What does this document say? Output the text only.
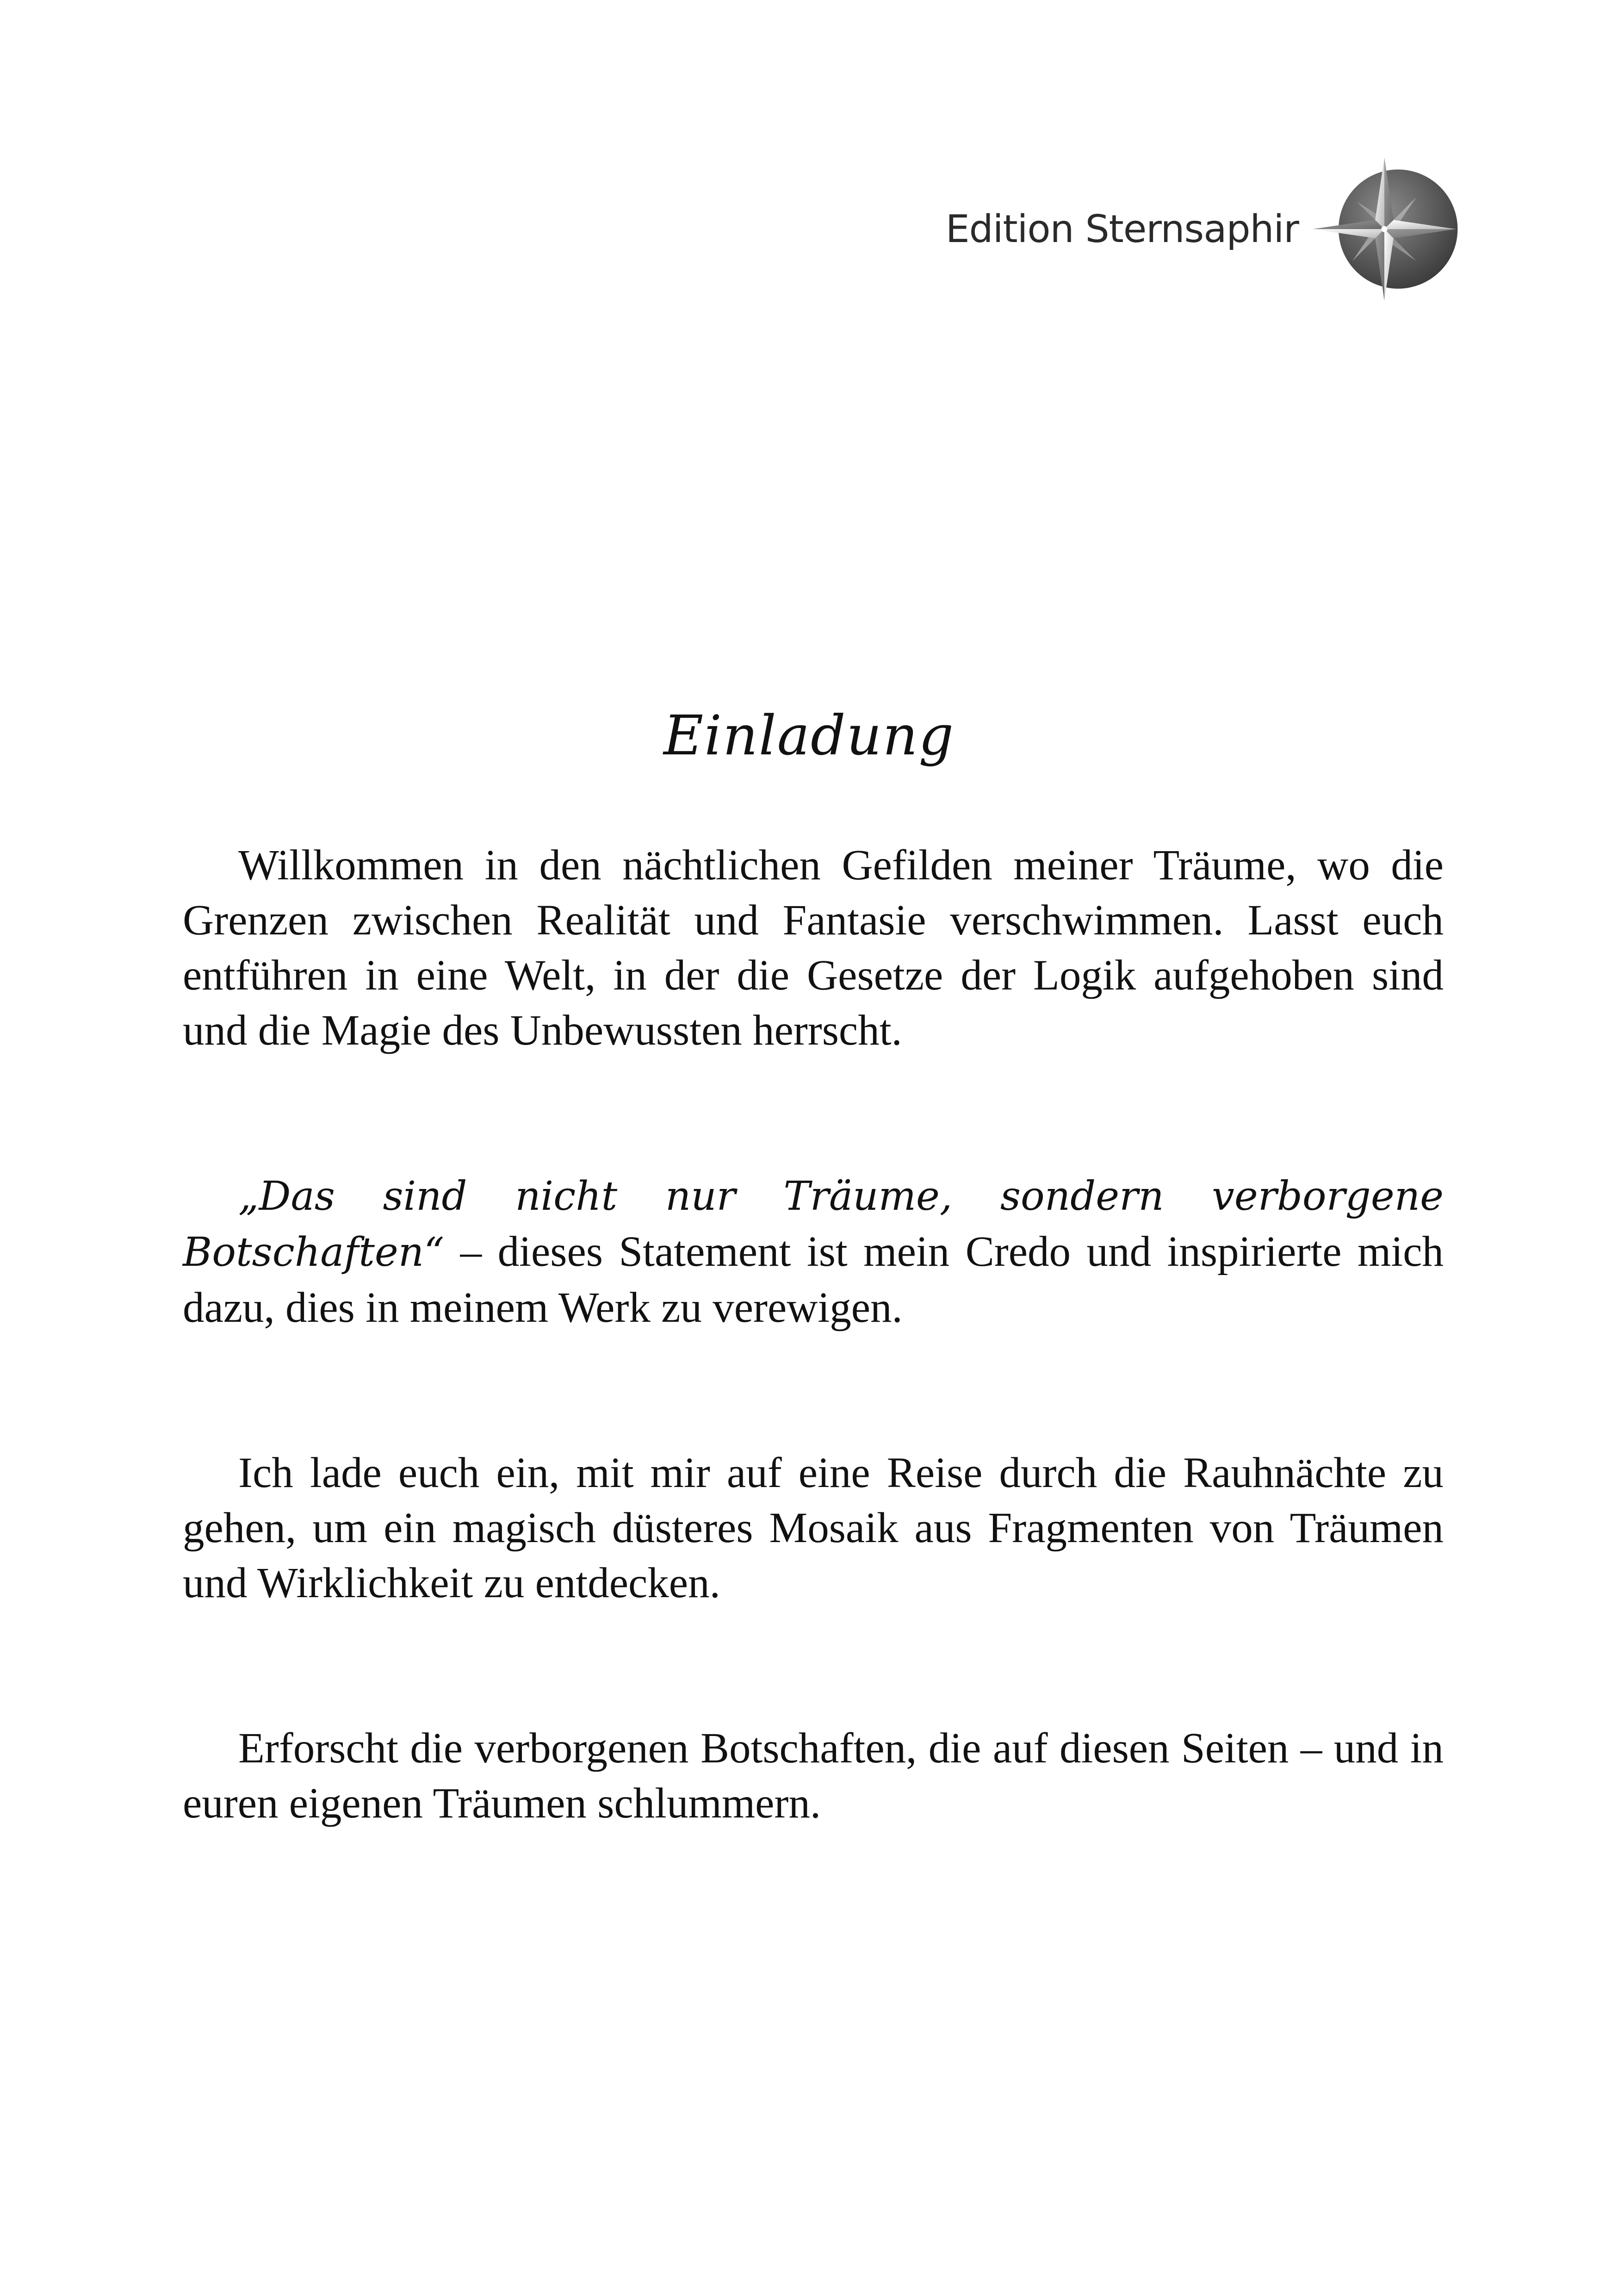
Edition Sternsaphir
Einladung

Willkommen in den nächtlichen Gefilden meiner Träume, wo die Grenzen zwischen Realität und Fantasie verschwimmen. Lasst euch entführen in eine Welt, in der die Gesetze der Logik aufgehoben sind und die Magie des Unbewussten herrscht.

„Das sind nicht nur Träume, sondern verborgene Botschaften“ – dieses Statement ist mein Credo und inspirierte mich dazu, dies in meinem Werk zu verewigen.

Ich lade euch ein, mit mir auf eine Reise durch die Rauhnächte zu gehen, um ein magisch düsteres Mosaik aus Fragmenten von Träumen und Wirklichkeit zu entdecken.

Erforscht die verborgenen Botschaften, die auf diesen Seiten – und in euren eigenen Träumen schlummern.
